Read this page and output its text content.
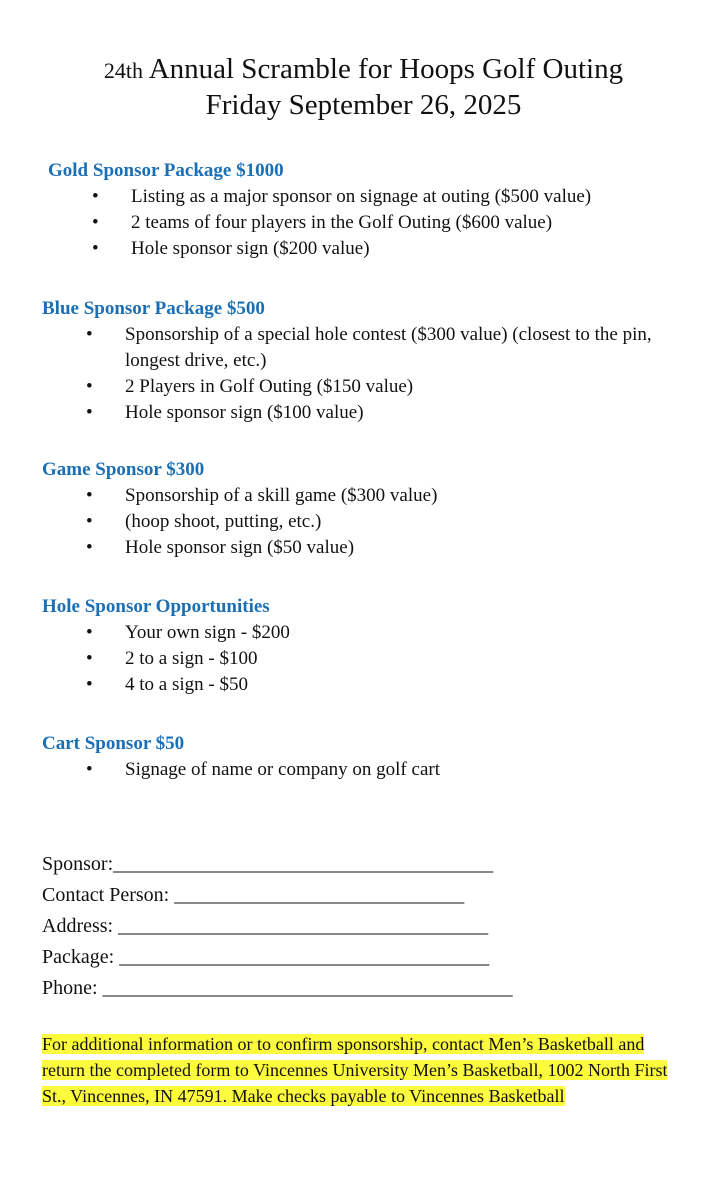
24th Annual Scramble for Hoops Golf Outing
Friday September 26, 2025
Gold Sponsor Package $1000
• Listing as a major sponsor on signage at outing ($500 value)
• 2 teams of four players in the Golf Outing ($600 value)
• Hole sponsor sign ($200 value)
Blue Sponsor Package $500
• Sponsorship of a special hole contest ($300 value) (closest to the pin, longest drive, etc.)
• 2 Players in Golf Outing ($150 value)
• Hole sponsor sign ($100 value)
Game Sponsor $300
• Sponsorship of a skill game ($300 value)
• (hoop shoot, putting, etc.)
• Hole sponsor sign ($50 value)
Hole Sponsor Opportunities
• Your own sign - $200
• 2 to a sign - $100
• 4 to a sign - $50
Cart Sponsor $50
• Signage of name or company on golf cart
Sponsor:______________________________________
Contact Person: _____________________________
Address: _____________________________________
Package: _____________________________________
Phone: _________________________________________
For additional information or to confirm sponsorship, contact Men’s Basketball and return the completed form to Vincennes University Men’s Basketball, 1002 North First St., Vincennes, IN 47591. Make checks payable to Vincennes Basketball
